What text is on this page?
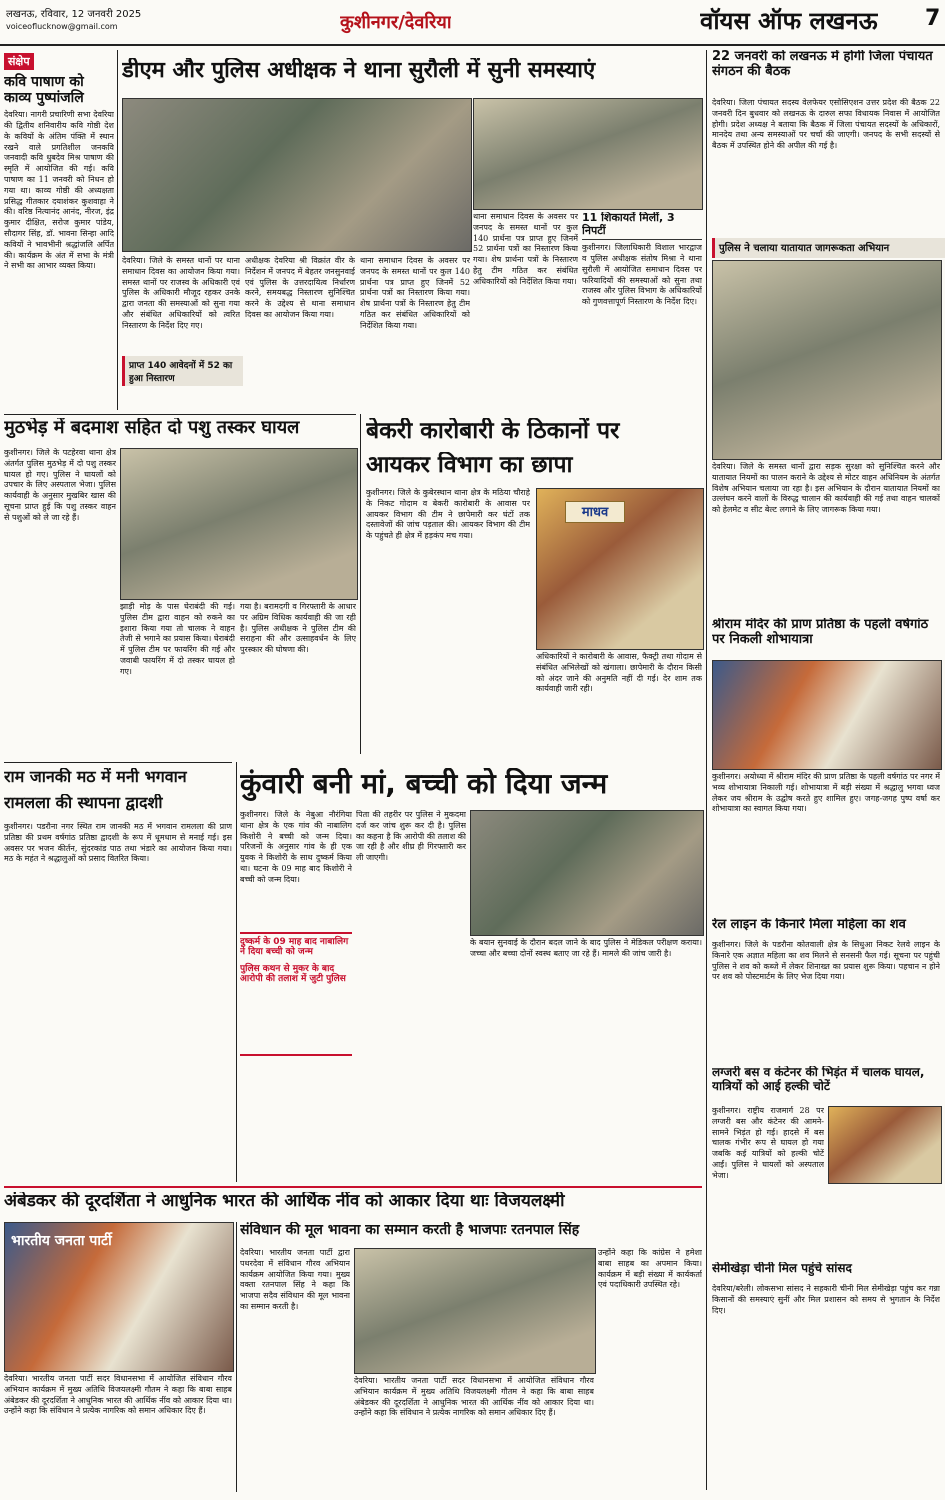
लखनऊ, रविवार, 12 जनवरी 2025
voiceoflucknow@gmail.com	कुशीनगर/देवरिया	वॉयस ऑफ लखनऊ 7
संक्षेप
कवि पाषाण को काव्य पुष्पांजलि
देवरिया। नागरी प्रचारिणी सभा देवरिया की द्वितीय शनिवारीय कवि गोष्ठी देश के कवियों के अंतिम पंक्ति में स्थान रखने वाले प्रगतिशील जनकवि जनवादी कवि धुबदेव मिश्र पाषाण की स्मृति में आयोजित की गई। कवि पाषाण का 11 जनवरी को निधन हो गया था। काव्य गोष्ठी की अध्यक्षता प्रसिद्ध गीतकार दयाशंकर कुशवाहा ने की। वरिष्ठ नित्यानंद आनंद, नीरज, इंद्र कुमार दीक्षित, सरोज कुमार पांडेय, सौदागर सिंह, डॉ. भावना सिन्हा आदि कवियों ने भावभीनी श्रद्धांजलि अर्पित की। कार्यक्रम के अंत में सभा के मंत्री ने सभी का आभार व्यक्त किया।
डीएम और पुलिस अधीक्षक ने थाना सुरौली में सुनी समस्याएं
थाना समाधान दिवस के अवसर पर जनपद के समस्त थानों पर कुल 140 प्रार्थना पत्र प्राप्त हुए जिनमें 52 प्रार्थना पत्रों का निस्तारण किया गया। शेष प्रार्थना पत्रों के निस्तारण हेतु टीम गठित कर संबंधित अधिकारियों को निर्देशित किया गया।
11 शिकायतें मिलीं, 3 निपटीं
कुशीनगर। जिलाधिकारी विशाल भारद्वाज व पुलिस अधीक्षक संतोष मिश्रा ने थाना सुरौली में आयोजित समाधान दिवस पर फरियादियों की समस्याओं को सुना तथा राजस्व और पुलिस विभाग के अधिकारियों को गुणवत्तापूर्ण निस्तारण के निर्देश दिए।
देवरिया। जिले के समस्त थानों पर थाना समाधान दिवस का आयोजन किया गया। समस्त थानों पर राजस्व के अधिकारी एवं पुलिस के अधिकारी मौजूद रहकर उनके द्वारा जनता की समस्याओं को सुना गया और संबंधित अधिकारियों को त्वरित निस्तारण के निर्देश दिए गए।
प्राप्त 140 आवेदनों में 52 का हुआ निस्तारण
अधीक्षक देवरिया श्री विक्रांत वीर के निर्देशन में जनपद में बेहतर जनसुनवाई एवं पुलिस के उत्तरदायित्व निर्धारण करने, समयबद्ध निस्तारण सुनिश्चित करने के उद्देश्य से थाना समाधान दिवस का आयोजन किया गया।
थाना समाधान दिवस के अवसर पर जनपद के समस्त थानों पर कुल 140 प्रार्थना पत्र प्राप्त हुए जिनमें 52 प्रार्थना पत्रों का निस्तारण किया गया। शेष प्रार्थना पत्रों के निस्तारण हेतु टीम गठित कर संबंधित अधिकारियों को निर्देशित किया गया।
22 जनवरी को लखनऊ में होगी जिला पंचायत संगठन की बैठक
देवरिया। जिला पंचायत सदस्य वेलफेयर एसोसिएशन उत्तर प्रदेश की बैठक 22 जनवरी दिन बुधवार को लखनऊ के दारुल सफा विधायक निवास में आयोजित होगी। प्रदेश अध्यक्ष ने बताया कि बैठक में जिला पंचायत सदस्यों के अधिकारों, मानदेय तथा अन्य समस्याओं पर चर्चा की जाएगी। जनपद के सभी सदस्यों से बैठक में उपस्थित होने की अपील की गई है।
पुलिस ने चलाया यातायात जागरूकता अभियान
देवरिया। जिले के समस्त थानों द्वारा सड़क सुरक्षा को सुनिश्चित करने और यातायात नियमों का पालन कराने के उद्देश्य से मोटर वाहन अधिनियम के अंतर्गत विशेष अभियान चलाया जा रहा है। इस अभियान के दौरान यातायात नियमों का उल्लंघन करने वालों के विरुद्ध चालान की कार्यवाही की गई तथा वाहन चालकों को हेलमेट व सीट बेल्ट लगाने के लिए जागरूक किया गया।
श्रीराम मंदिर की प्राण प्रतिष्ठा के पहली वर्षगांठ पर निकली शोभायात्रा
कुशीनगर। अयोध्या में श्रीराम मंदिर की प्राण प्रतिष्ठा के पहली वर्षगांठ पर नगर में भव्य शोभायात्रा निकाली गई। शोभायात्रा में बड़ी संख्या में श्रद्धालु भगवा ध्वज लेकर जय श्रीराम के उद्घोष करते हुए शामिल हुए। जगह-जगह पुष्प वर्षा कर शोभायात्रा का स्वागत किया गया।
रेल लाइन के किनारे मिला महिला का शव
कुशीनगर। जिले के पडरौना कोतवाली क्षेत्र के सिधुआ निकट रेलवे लाइन के किनारे एक अज्ञात महिला का शव मिलने से सनसनी फैल गई। सूचना पर पहुंची पुलिस ने शव को कब्जे में लेकर शिनाख्त का प्रयास शुरू किया। पहचान न होने पर शव को पोस्टमार्टम के लिए भेज दिया गया।
लग्जरी बस व कंटेनर की भिड़ंत में चालक घायल, यात्रियों को आई हल्की चोटें
कुशीनगर। राष्ट्रीय राजमार्ग 28 पर लग्जरी बस और कंटेनर की आमने-सामने भिड़ंत हो गई। हादसे में बस चालक गंभीर रूप से घायल हो गया जबकि कई यात्रियों को हल्की चोटें आईं। पुलिस ने घायलों को अस्पताल भेजा।
सेमीखेड़ा चीनी मिल पहुंचे सांसद
देवरिया/बरेली। लोकसभा सांसद ने सहकारी चीनी मिल सेमीखेड़ा पहुंच कर गन्ना किसानों की समस्याएं सुनीं और मिल प्रशासन को समय से भुगतान के निर्देश दिए।
मुठभेड़ में बदमाश सहित दो पशु तस्कर घायल
कुशीनगर। जिले के पटहेरवा थाना क्षेत्र अंतर्गत पुलिस मुठभेड़ में दो पशु तस्कर घायल हो गए। पुलिस ने घायलों को उपचार के लिए अस्पताल भेजा। पुलिस कार्यवाही के अनुसार मुखबिर खास की सूचना प्राप्त हुई कि पशु तस्कर वाहन से पशुओं को ले जा रहे हैं।
झाड़ी मोड़ के पास घेराबंदी की गई। पुलिस टीम द्वारा वाहन को रुकने का इशारा किया गया तो चालक ने वाहन तेजी से भगाने का प्रयास किया। घेराबंदी में पुलिस टीम पर फायरिंग की गई और जवाबी फायरिंग में दो तस्कर घायल हो गए।
गया है। बरामदगी व गिरफ्तारी के आधार पर अग्रिम विधिक कार्यवाही की जा रही है। पुलिस अधीक्षक ने पुलिस टीम की सराहना की और उत्साहवर्धन के लिए पुरस्कार की घोषणा की।
बेकरी कारोबारी के ठिकानों पर
आयकर विभाग का छापा
कुशीनगर। जिले के कुबेरस्थान थाना क्षेत्र के मठिया चौराहे के निकट गोदाम व बेकरी कारोबारी के आवास पर आयकर विभाग की टीम ने छापेमारी कर घंटों तक दस्तावेजों की जांच पड़ताल की। आयकर विभाग की टीम के पहुंचते ही क्षेत्र में हड़कंप मच गया।
माधव
अधिकारियों ने कारोबारी के आवास, फैक्ट्री तथा गोदाम से संबंधित अभिलेखों को खंगाला। छापेमारी के दौरान किसी को अंदर जाने की अनुमति नहीं दी गई। देर शाम तक कार्यवाही जारी रही।
राम जानकी मठ में मनी भगवान
रामलला की स्थापना द्वादशी
कुशीनगर। पडरौना नगर स्थित राम जानकी मठ में भगवान रामलला की प्राण प्रतिष्ठा की प्रथम वर्षगांठ प्रतिष्ठा द्वादशी के रूप में धूमधाम से मनाई गई। इस अवसर पर भजन कीर्तन, सुंदरकांड पाठ तथा भंडारे का आयोजन किया गया। मठ के महंत ने श्रद्धालुओं को प्रसाद वितरित किया।
कुंवारी बनी मां, बच्ची को दिया जन्म
कुशीनगर। जिले के नेबुआ नौरंगिया थाना क्षेत्र के एक गांव की नाबालिग किशोरी ने बच्ची को जन्म दिया। परिजनों के अनुसार गांव के ही एक युवक ने किशोरी के साथ दुष्कर्म किया था। घटना के 09 माह बाद किशोरी ने बच्ची को जन्म दिया।
दुष्कर्म के 09 माह बाद नाबालिग ने दिया बच्ची को जन्म
पुलिस कथन से मुकर के बाद आरोपी की तलाश में जुटी पुलिस
पिता की तहरीर पर पुलिस ने मुकदमा दर्ज कर जांच शुरू कर दी है। पुलिस का कहना है कि आरोपी की तलाश की जा रही है और शीघ्र ही गिरफ्तारी कर ली जाएगी।
के बयान सुनवाई के दौरान बदल जाने के बाद पुलिस ने मेडिकल परीक्षण कराया। जच्चा और बच्चा दोनों स्वस्थ बताए जा रहे हैं। मामले की जांच जारी है।
अंबेडकर की दूरदर्शिता ने आधुनिक भारत की आर्थिक नींव को आकार दिया थाः विजयलक्ष्मी
भारतीय जनता पार्टी
देवरिया। भारतीय जनता पार्टी सदर विधानसभा में आयोजित संविधान गौरव अभियान कार्यक्रम में मुख्य अतिथि विजयलक्ष्मी गौतम ने कहा कि बाबा साहब अंबेडकर की दूरदर्शिता ने आधुनिक भारत की आर्थिक नींव को आकार दिया था। उन्होंने कहा कि संविधान ने प्रत्येक नागरिक को समान अधिकार दिए हैं।
संविधान की मूल भावना का सम्मान करती है भाजपाः रतनपाल सिंह
देवरिया। भारतीय जनता पार्टी द्वारा पथरदेवा में संविधान गौरव अभियान कार्यक्रम आयोजित किया गया। मुख्य वक्ता रतनपाल सिंह ने कहा कि भाजपा सदैव संविधान की मूल भावना का सम्मान करती है।
उन्होंने कहा कि कांग्रेस ने हमेशा बाबा साहब का अपमान किया। कार्यक्रम में बड़ी संख्या में कार्यकर्ता एवं पदाधिकारी उपस्थित रहे।
देवरिया। भारतीय जनता पार्टी सदर विधानसभा में आयोजित संविधान गौरव अभियान कार्यक्रम में मुख्य अतिथि विजयलक्ष्मी गौतम ने कहा कि बाबा साहब अंबेडकर की दूरदर्शिता ने आधुनिक भारत की आर्थिक नींव को आकार दिया था। उन्होंने कहा कि संविधान ने प्रत्येक नागरिक को समान अधिकार दिए हैं।
